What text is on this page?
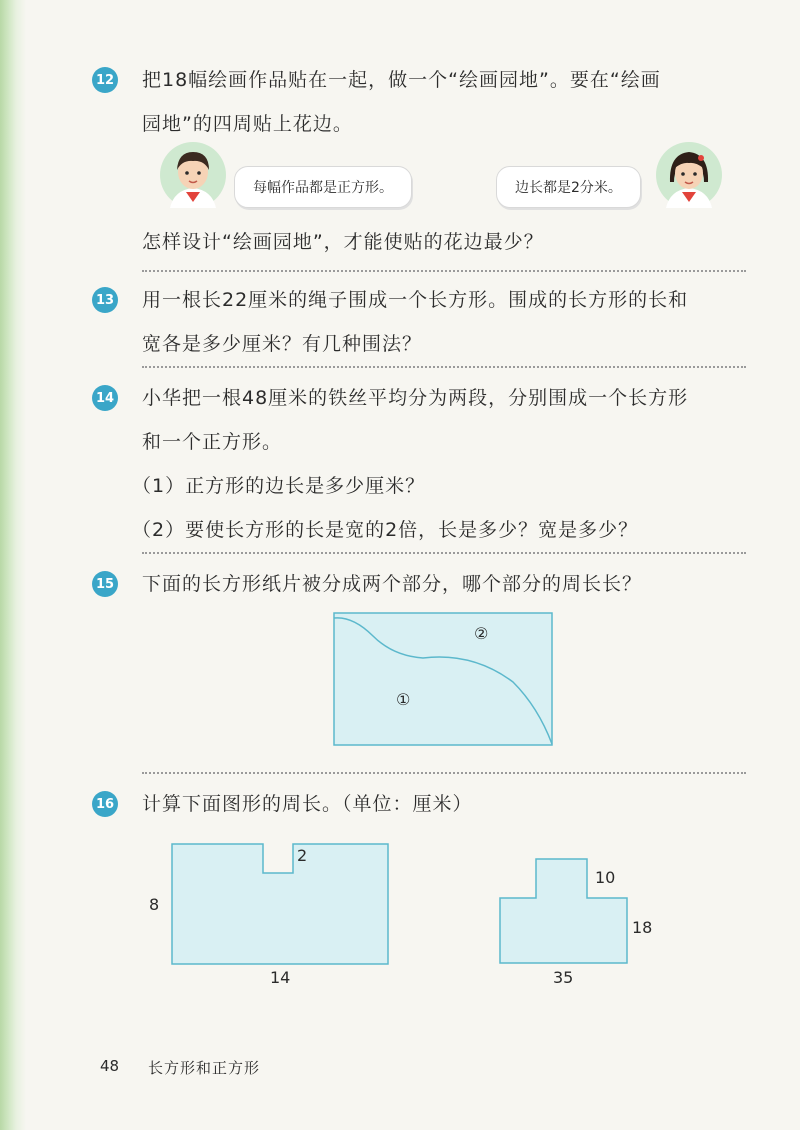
12 把18幅绘画作品贴在一起，做一个“绘画园地”。要在“绘画
园地”的四周贴上花边。
每幅作品都是正方形。	边长都是2分米。
怎样设计“绘画园地”，才能使贴的花边最少？
13 用一根长22厘米的绳子围成一个长方形。围成的长方形的长和
宽各是多少厘米？有几种围法？
14 小华把一根48厘米的铁丝平均分为两段，分别围成一个长方形
和一个正方形。
（1）正方形的边长是多少厘米？
（2）要使长方形的长是宽的2倍，长是多少？宽是多少？
15 下面的长方形纸片被分成两个部分，哪个部分的周长长？
②
①
16 计算下面图形的周长。（单位：厘米）
2
8
14
10
18
35
48 长方形和正方形
